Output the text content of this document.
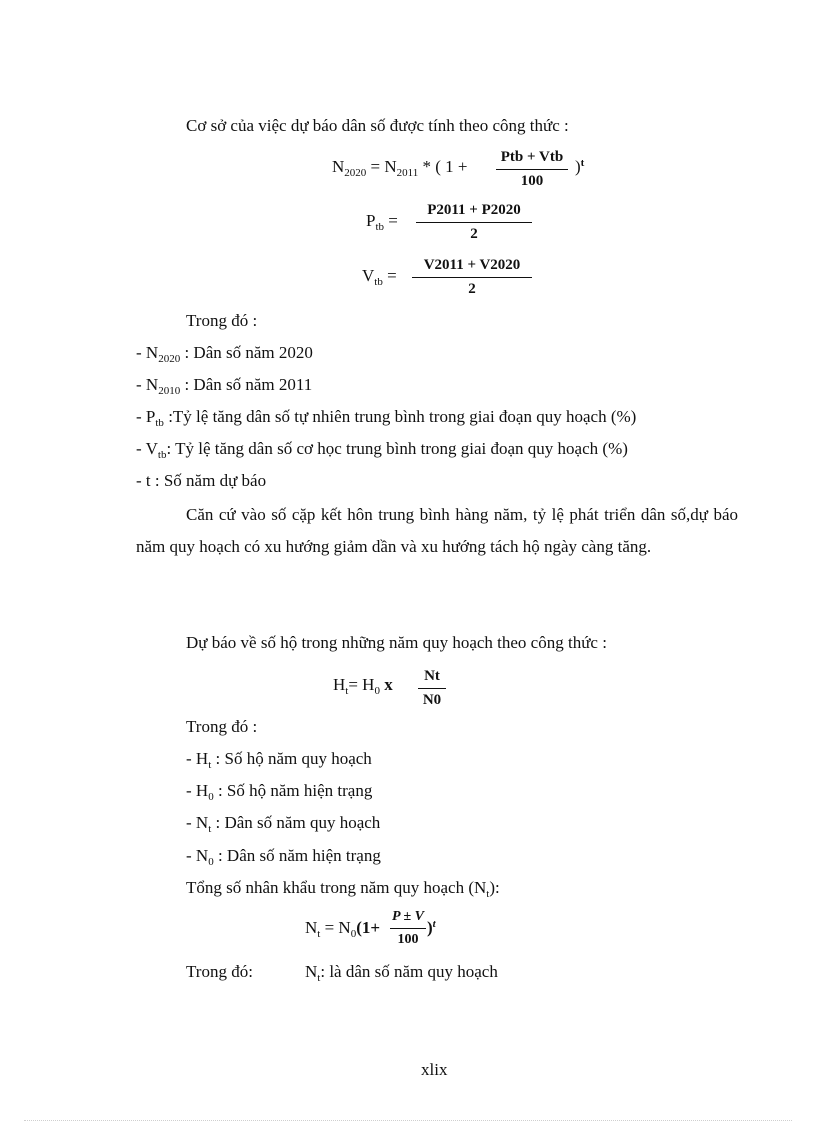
Cơ sở của việc dự báo dân số được tính theo công thức :
$N_{2020} = N_{2011}$ * ( 1 +	Ptb + Vtb
100
)$^t$
$P_{tb}$ =
P2011 + P2020
2
$V_{tb}$ =
V2011 + V2020
2
Trong đó :
- $N_{2020}$ : Dân số năm 2020
- $N_{2010}$ : Dân số năm 2011
- $P_{tb}$ :Tỷ lệ tăng dân số tự nhiên trung bình trong giai đoạn quy hoạch (%)
- $V_{tb}$: Tỷ lệ tăng dân số cơ học trung bình trong giai đoạn quy hoạch (%)
- t : Số năm dự báo
Căn cứ vào số cặp kết hôn trung bình hàng năm, tỷ lệ phát triển dân số,dự báo năm quy hoạch có xu hướng giảm dần và xu hướng tách hộ ngày càng tăng.
Dự báo về số hộ trong những năm quy hoạch theo công thức :
$H_t= H_0$ x	Nt
N0
Trong đó :
- $H_t$ : Số hộ năm quy hoạch
- $H_0$ : Số hộ năm hiện trạng
- $N_t$ : Dân số năm quy hoạch
- $N_0$ : Dân số năm hiện trạng
Tổng số nhân khẩu trong năm quy hoạch $(N_t)$:
$N_t = N_0(1+$
P ± V
100
)$^t$
Trong đó:	$N_t$: là dân số năm quy hoạch
xlix
